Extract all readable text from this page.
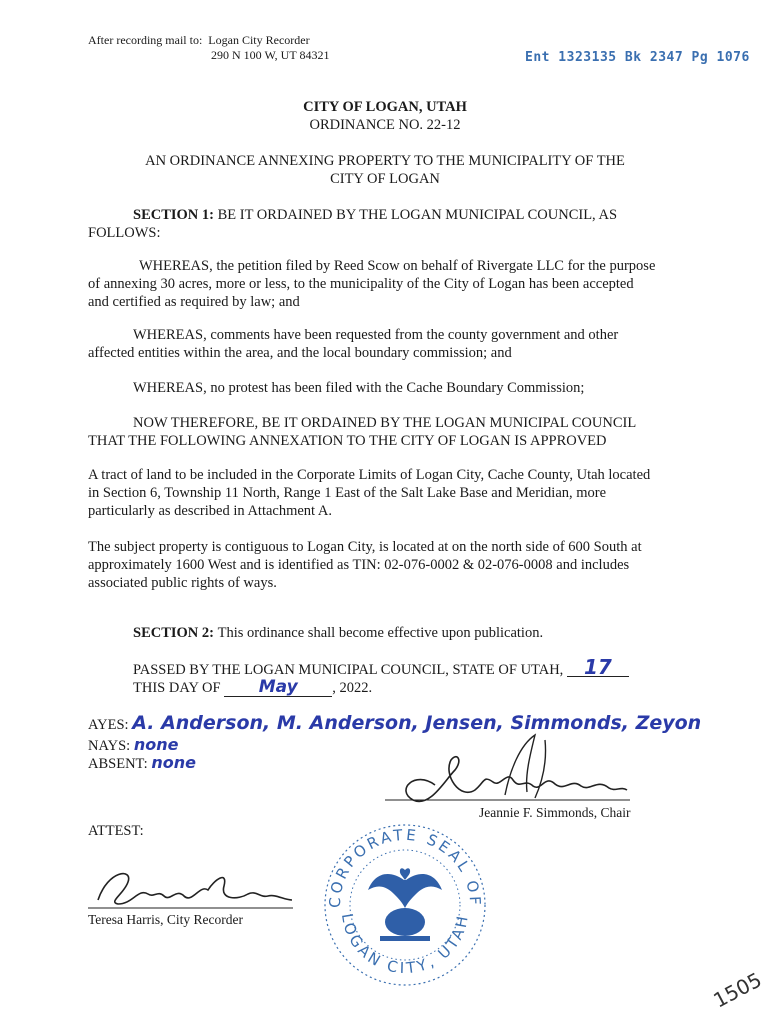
After recording mail to: Logan City Recorder
290 N 100 W, UT 84321	Ent 1323135 Bk 2347 Pg 1076
CITY OF LOGAN, UTAH
ORDINANCE NO. 22-12
AN ORDINANCE ANNEXING PROPERTY TO THE MUNICIPALITY OF THE
CITY OF LOGAN
SECTION 1: BE IT ORDAINED BY THE LOGAN MUNICIPAL COUNCIL, AS
FOLLOWS:
WHEREAS, the petition filed by Reed Scow on behalf of Rivergate LLC for the purpose
of annexing 30 acres, more or less, to the municipality of the City of Logan has been accepted
and certified as required by law; and
WHEREAS, comments have been requested from the county government and other
affected entities within the area, and the local boundary commission; and
WHEREAS, no protest has been filed with the Cache Boundary Commission;
NOW THEREFORE, BE IT ORDAINED BY THE LOGAN MUNICIPAL COUNCIL
THAT THE FOLLOWING ANNEXATION TO THE CITY OF LOGAN IS APPROVED
A tract of land to be included in the Corporate Limits of Logan City, Cache County, Utah located
in Section 6, Township 11 North, Range 1 East of the Salt Lake Base and Meridian, more
particularly as described in Attachment A.
The subject property is contiguous to Logan City, is located at on the north side of 600 South at
approximately 1600 West and is identified as TIN: 02-076-0002 & 02-076-0008 and includes
associated public rights of ways.
SECTION 2: This ordinance shall become effective upon publication.
PASSED BY THE LOGAN MUNICIPAL COUNCIL, STATE OF UTAH, 17
THIS DAY OF May , 2022.
AYES: A. Anderson, M. Anderson, Jensen, Simmonds, Zeyon
NAYS: none
ABSENT: none
Jeannie F. Simmonds, Chair
ATTEST:
Teresa Harris, City Recorder
CORPORATE SEAL OF
LOGAN CITY, UTAH
1505
